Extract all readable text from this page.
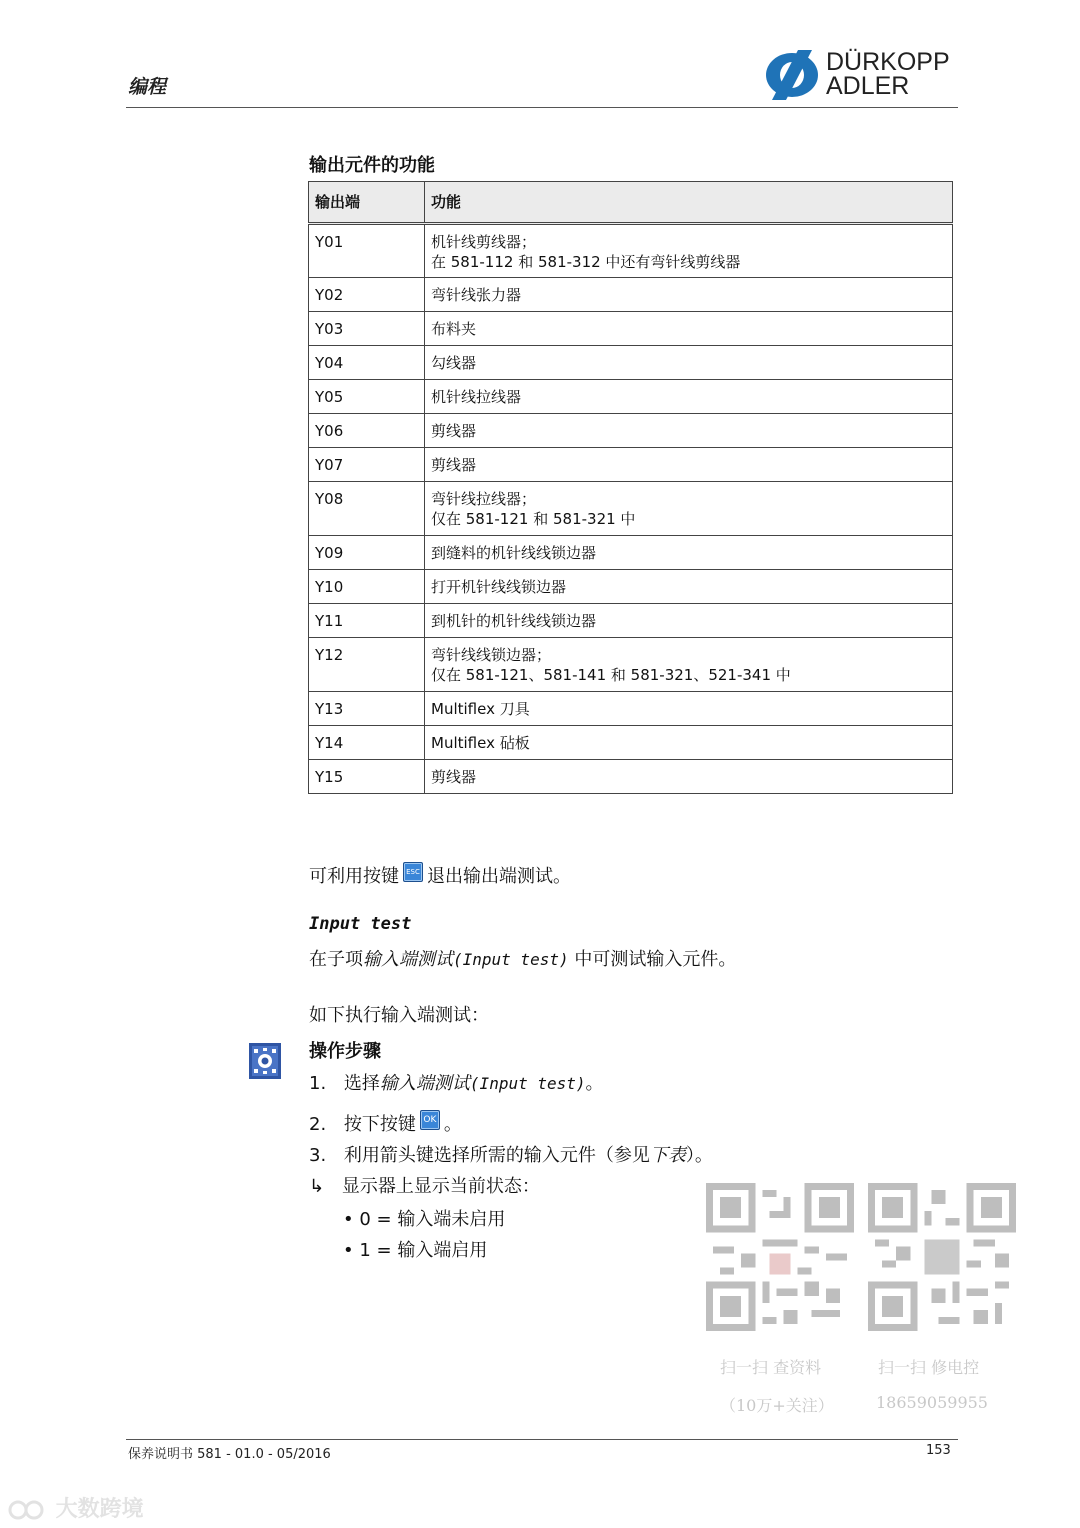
编程
DÜRKOPP
ADLER
输出元件的功能
输出端	功能
Y01	机针线剪线器；
在 581-112 和 581-312 中还有弯针线剪线器

Y02	弯针线张力器

Y03	布料夹

Y04	勾线器

Y05	机针线拉线器

Y06	剪线器

Y07	剪线器

Y08	弯针线拉线器；
仅在 581-121 和 581-321 中

Y09	到缝料的机针线线锁边器

Y10	打开机针线线锁边器

Y11	到机针的机针线线锁边器

Y12	弯针线线锁边器；
仅在 581-121、581-141 和 581-321、521-341 中

Y13	Multiflex 刀具

Y14	Multiflex 砧板

Y15	剪线器
可利用按键 ESC 退出输出端测试。
Input test
在子项输入端测试(Input test) 中可测试输入元件。
如下执行输入端测试：
操作步骤
1. 选择输入端测试(Input test)。
2. 按下按键 OK 。
3. 利用箭头键选择所需的输入元件（参见下表）。
↳ 显示器上显示当前状态：
• 0 = 输入端未启用
• 1 = 输入端启用
扫一扫 查资料
（10万+关注）
扫一扫 修电控
18659059955
保养说明书 581 - 01.0 - 05/2016	153
大数跨境
